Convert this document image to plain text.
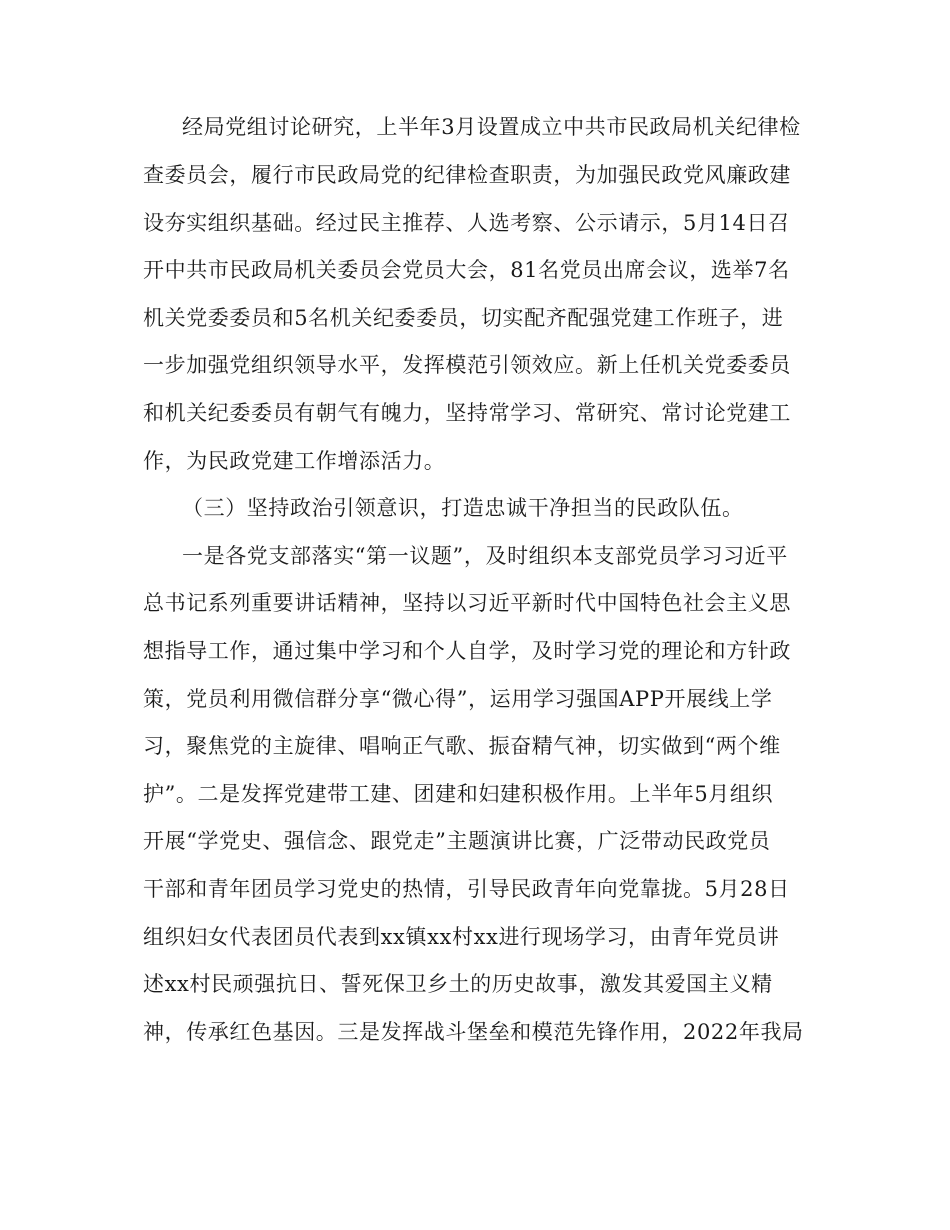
经局党组讨论研究，上半年3月设置成立中共市民政局机关纪律检
查委员会，履行市民政局党的纪律检查职责，为加强民政党风廉政建
设夯实组织基础。经过民主推荐、人选考察、公示请示，5月14日召
开中共市民政局机关委员会党员大会，81名党员出席会议，选举7名
机关党委委员和5名机关纪委委员，切实配齐配强党建工作班子，进
一步加强党组织领导水平，发挥模范引领效应。新上任机关党委委员
和机关纪委委员有朝气有魄力，坚持常学习、常研究、常讨论党建工
作，为民政党建工作增添活力。
（三）坚持政治引领意识，打造忠诚干净担当的民政队伍。
一是各党支部落实“第一议题”，及时组织本支部党员学习习近平
总书记系列重要讲话精神，坚持以习近平新时代中国特色社会主义思
想指导工作，通过集中学习和个人自学，及时学习党的理论和方针政
策，党员利用微信群分享“微心得”，运用学习强国APP开展线上学
习，聚焦党的主旋律、唱响正气歌、振奋精气神，切实做到“两个维
护”。二是发挥党建带工建、团建和妇建积极作用。上半年5月组织
开展“学党史、强信念、跟党走”主题演讲比赛，广泛带动民政党员
干部和青年团员学习党史的热情，引导民政青年向党靠拢。5月28日
组织妇女代表团员代表到xx镇xx村xx进行现场学习，由青年党员讲
述xx村民顽强抗日、誓死保卫乡土的历史故事，激发其爱国主义精
神，传承红色基因。三是发挥战斗堡垒和模范先锋作用，2022年我局
